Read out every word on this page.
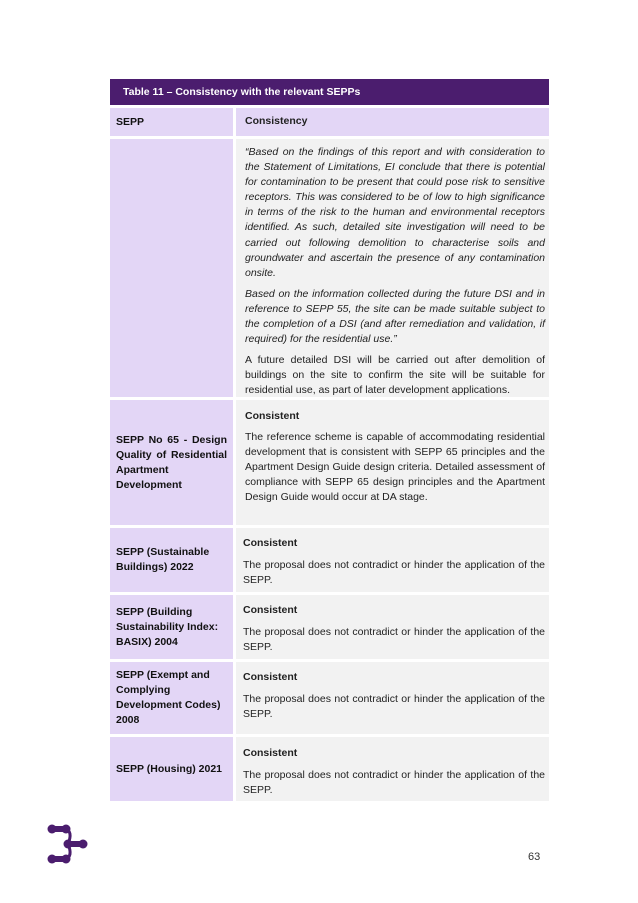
Table 11 – Consistency with the relevant SEPPs
SEPP	Consistency

“Based on the findings of this report and with consideration to the Statement of Limitations, EI conclude that there is potential for contamination to be present that could pose risk to sensitive receptors. This was considered to be of low to high significance in terms of the risk to the human and environmental receptors identified. As such, detailed site investigation will need to be carried out following demolition to characterise soils and groundwater and ascertain the presence of any contamination onsite.

Based on the information collected during the future DSI and in reference to SEPP 55, the site can be made suitable subject to the completion of a DSI (and after remediation and validation, if required) for the residential use.”

A future detailed DSI will be carried out after demolition of buildings on the site to confirm the site will be suitable for residential use, as part of later development applications.

SEPP No 65 - Design Quality of Residential Apartment Development
Consistent

The reference scheme is capable of accommodating residential development that is consistent with SEPP 65 principles and the Apartment Design Guide design criteria. Detailed assessment of compliance with SEPP 65 design principles and the Apartment Design Guide would occur at DA stage.

SEPP (Sustainable Buildings) 2022
Consistent

The proposal does not contradict or hinder the application of the SEPP.

SEPP (Building Sustainability Index: BASIX) 2004
Consistent

The proposal does not contradict or hinder the application of the SEPP.

SEPP (Exempt and Complying Development Codes) 2008
Consistent

The proposal does not contradict or hinder the application of the SEPP.

SEPP (Housing) 2021
Consistent

The proposal does not contradict or hinder the application of the SEPP.

63
